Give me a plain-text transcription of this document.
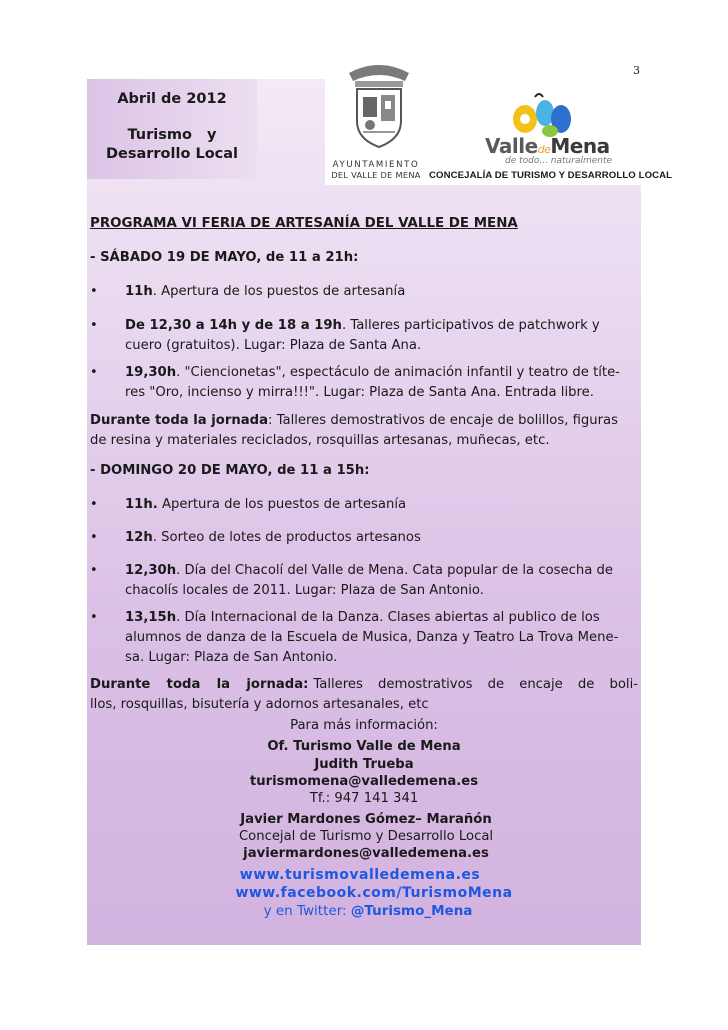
3
Abril de 2012
Turismo   y
Desarrollo Local
AYUNTAMIENTO
DEL VALLE DE MENA
ValledeMena
de todo... naturalmente
CONCEJALÍA DE TURISMO Y DESARROLLO LOCAL
PROGRAMA VI FERIA DE ARTESANÍA DEL VALLE DE MENA
- SÁBADO 19 DE MAYO, de 11 a 21h:
• 11h. Apertura de los puestos de artesanía
• De 12,30 a 14h y de 18 a 19h. Talleres participativos de patchwork y
cuero (gratuitos). Lugar: Plaza de Santa Ana.
• 19,30h. "Ciencionetas", espectáculo de animación infantil y teatro de títe-
res "Oro, incienso y mirra!!!". Lugar: Plaza de Santa Ana. Entrada libre.
Durante toda la jornada: Talleres demostrativos de encaje de bolillos, figuras
de resina y materiales reciclados, rosquillas artesanas, muñecas, etc.
- DOMINGO 20 DE MAYO, de 11 a 15h:
• 11h. Apertura de los puestos de artesanía
• 12h. Sorteo de lotes de productos artesanos
• 12,30h. Día del Chacolí del Valle de Mena. Cata popular de la cosecha de
chacolís locales de 2011. Lugar: Plaza de San Antonio.
• 13,15h. Día Internacional de la Danza. Clases abiertas al publico de los
alumnos de danza de la Escuela de Musica, Danza y Teatro La Trova Mene-
sa. Lugar: Plaza de San Antonio.
Durante   toda   la   jornada: Talleres   demostrativos   de   encaje   de   boli-
llos, rosquillas, bisutería y adornos artesanales, etc
Para más información:
Of. Turismo Valle de Mena
Judith Trueba
turismomena@valledemena.es
Tf.: 947 141 341
Javier Mardones Gómez– Marañón
Concejal de Turismo y Desarrollo Local
javiermardones@valledemena.es
www.turismovalledemena.es
www.facebook.com/TurismoMena
y en Twitter: @Turismo_Mena
